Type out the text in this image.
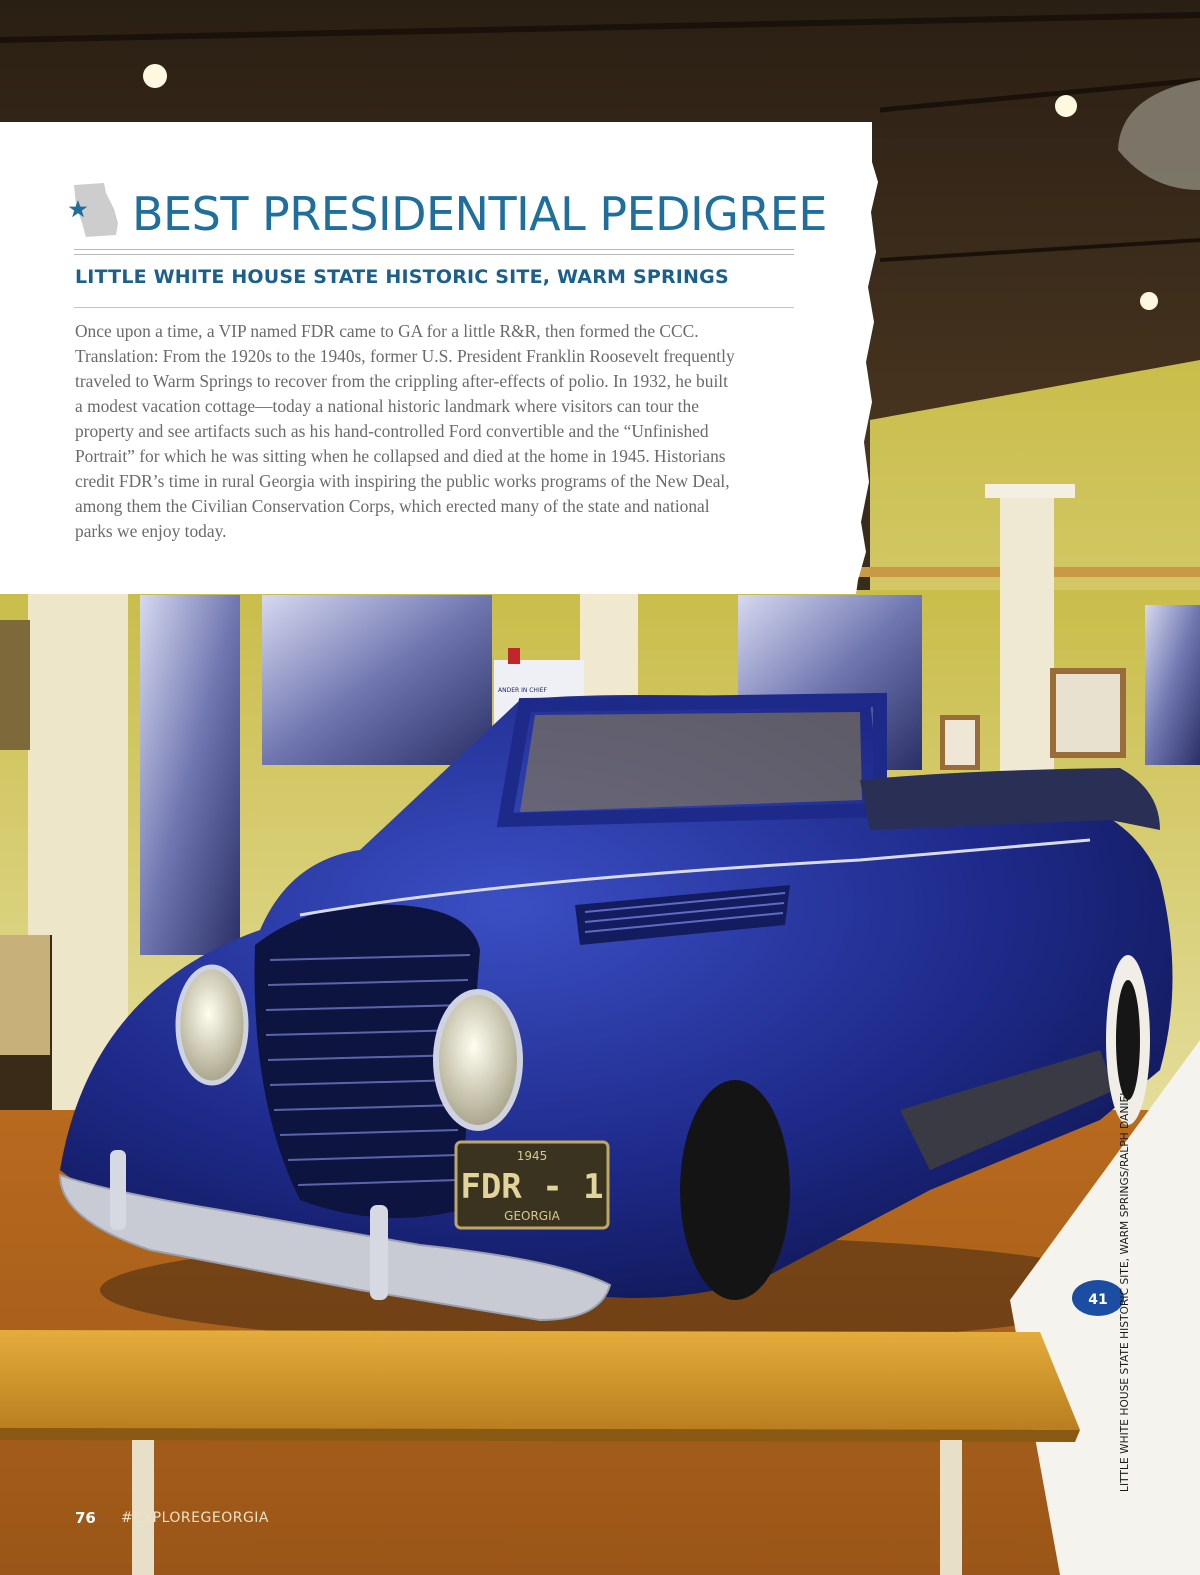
ANDER IN CHIEF
1945
FDR - 1
GEORGIA
41
BEST PRESIDENTIAL PEDIGREE
LITTLE WHITE HOUSE STATE HISTORIC SITE, WARM SPRINGS
Once upon a time, a VIP named FDR came to GA for a little R&R, then formed the CCC.
Translation: From the 1920s to the 1940s, former U.S. President Franklin Roosevelt frequently
traveled to Warm Springs to recover from the crippling after-effects of polio. In 1932, he built
a modest vacation cottage—today a national historic landmark where visitors can tour the
property and see artifacts such as his hand-controlled Ford convertible and the “Unfinished
Portrait” for which he was sitting when he collapsed and died at the home in 1945. Historians
credit FDR’s time in rural Georgia with inspiring the public works programs of the New Deal,
among them the Civilian Conservation Corps, which erected many of the state and national
parks we enjoy today.
76 #EXPLOREGEORGIA
LITTLE WHITE HOUSE STATE HISTORIC SITE, WARM SPRINGS/RALPH DANIEL
